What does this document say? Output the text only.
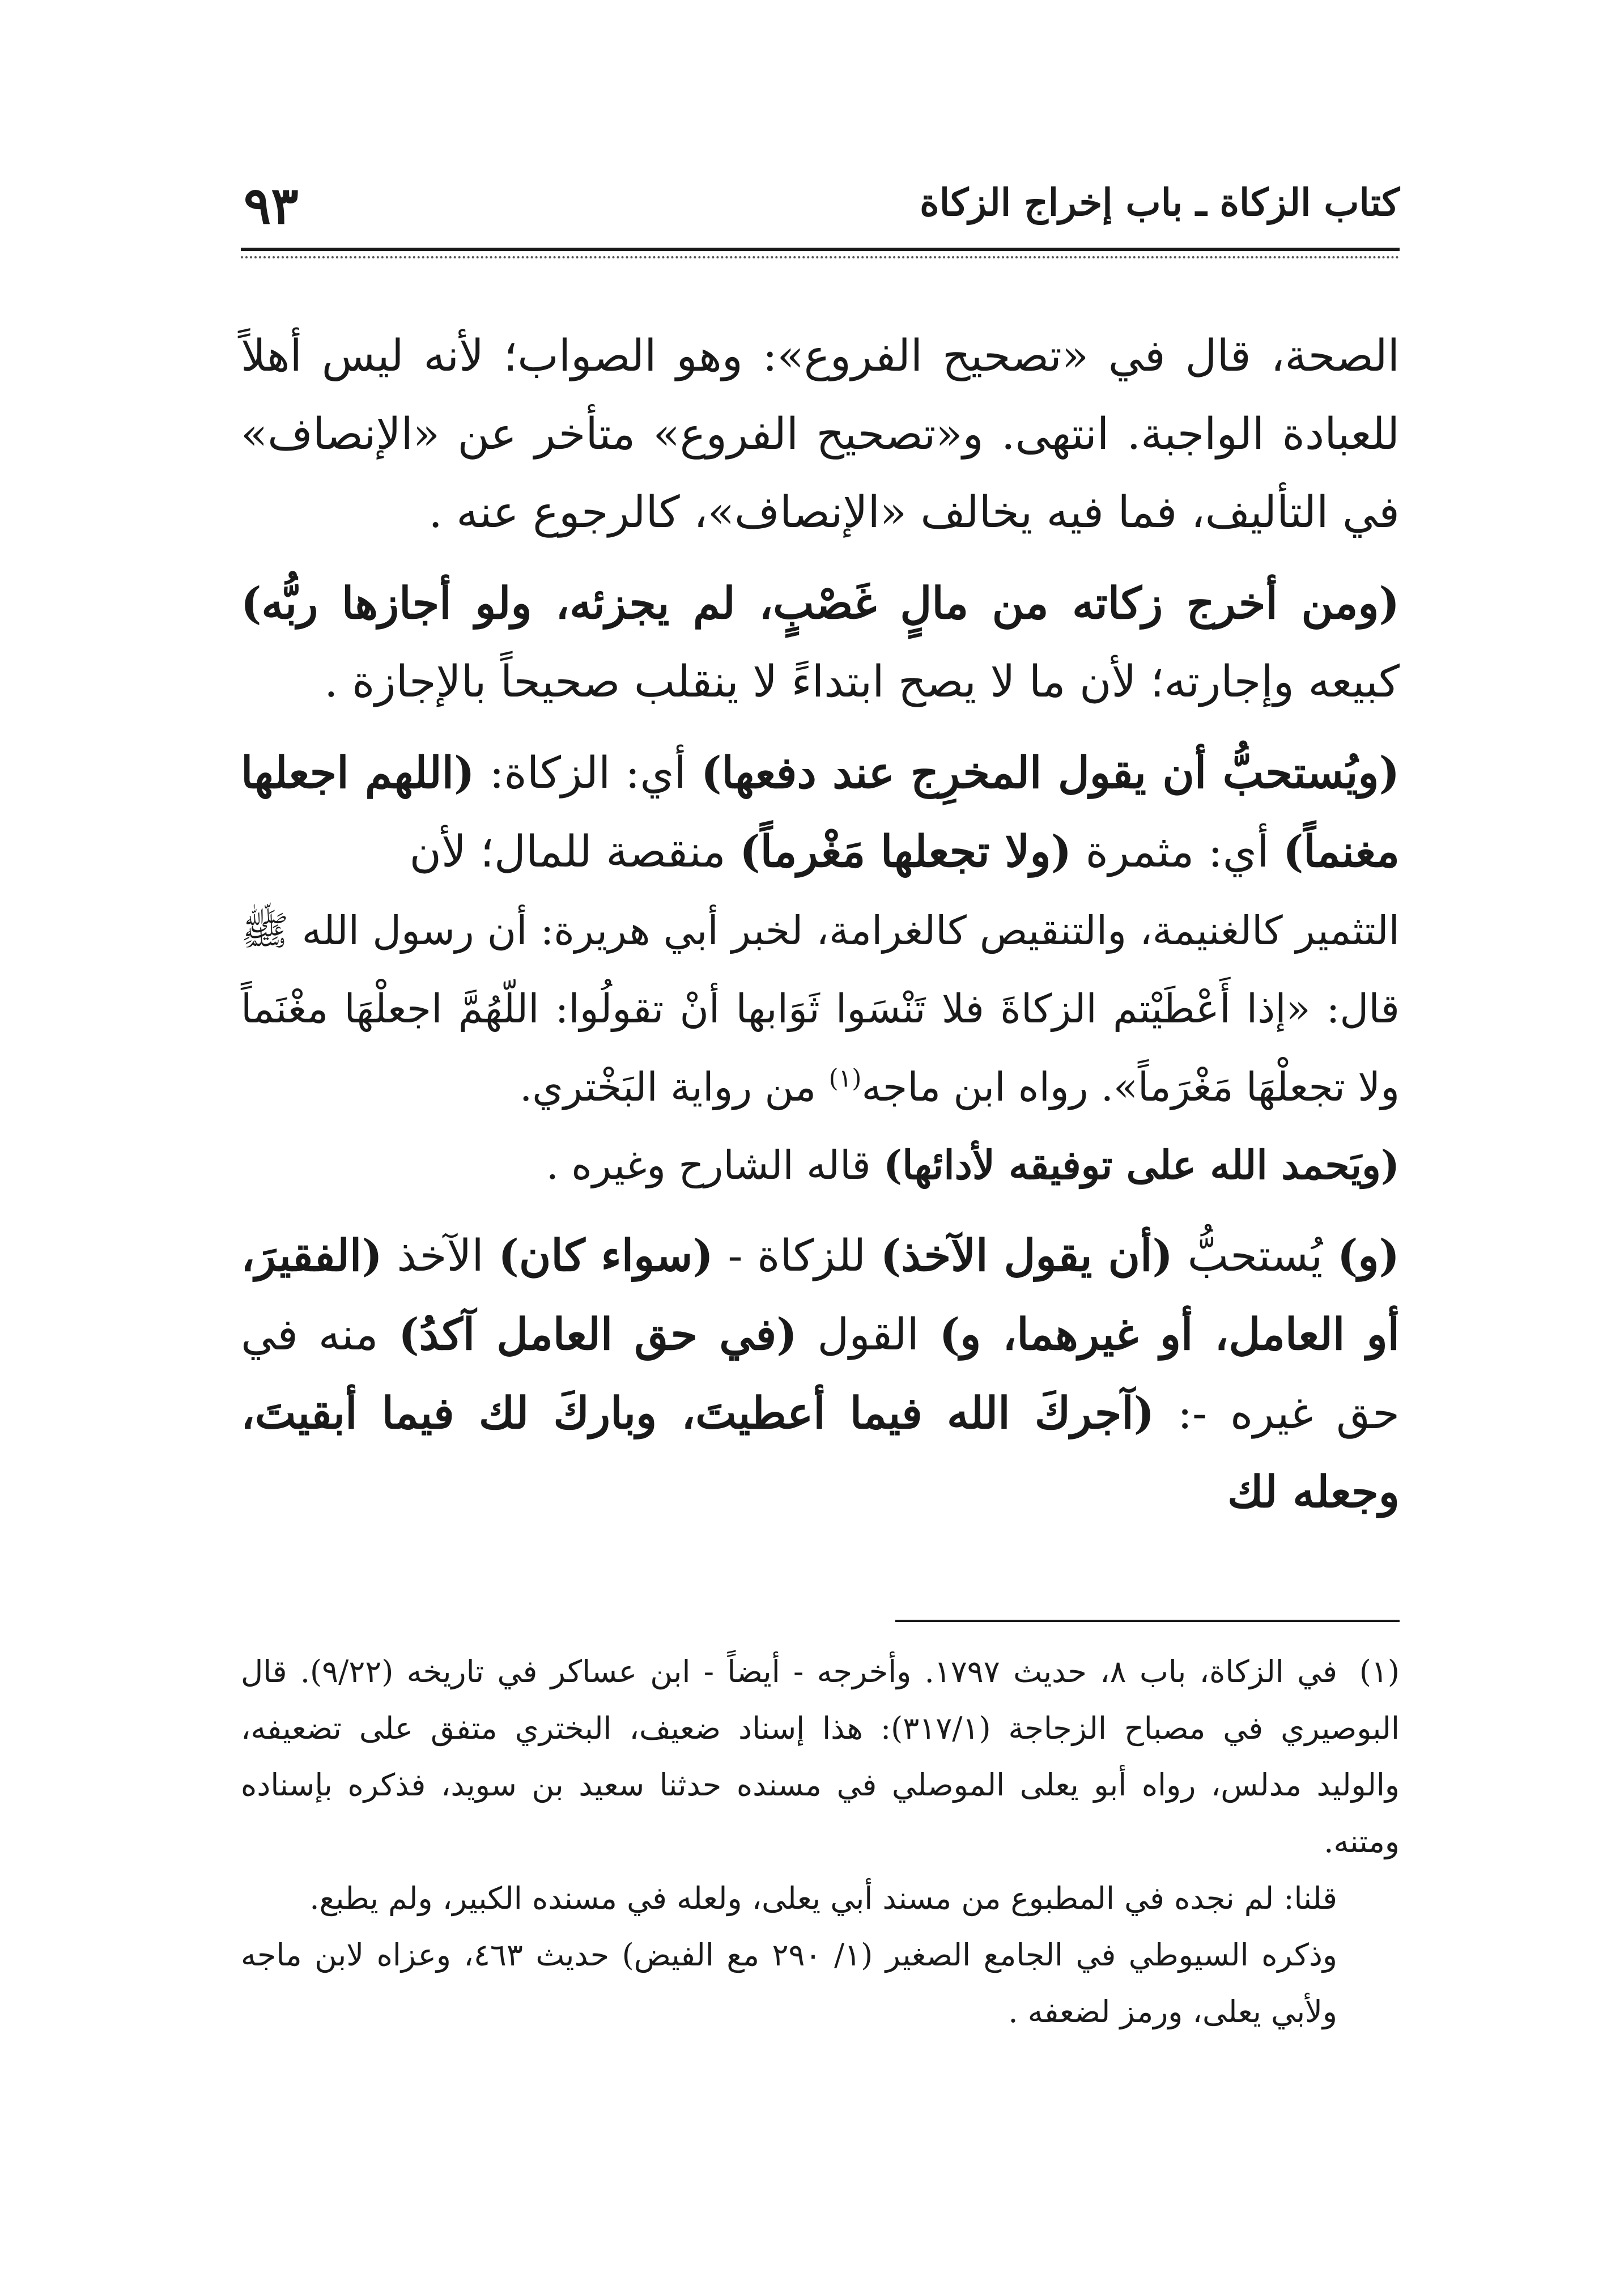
كتاب الزكاة ـ باب إخراج الزكاة
٩٣

الصحة، قال في «تصحيح الفروع»: وهو الصواب؛ لأنه ليس أهلاً للعبادة الواجبة. انتهى. و«تصحيح الفروع» متأخر عن «الإنصاف» في التأليف، فما فيه يخالف «الإنصاف»، كالرجوع عنه .

(ومن أخرج زكاته من مالٍ غَصْبٍ، لم يجزئه، ولو أجازها ربُّه) كبيعه وإجارته؛ لأن ما لا يصح ابتداءً لا ينقلب صحيحاً بالإجازة .

(ويُستحبُّ أن يقول المخرِج عند دفعها) أي: الزكاة: (اللهم اجعلها مغنماً) أي: مثمرة (ولا تجعلها مَغْرماً) منقصة للمال؛ لأن

التثمير كالغنيمة، والتنقيص كالغرامة، لخبر أبي هريرة: أن رسول الله ﷺ قال: «إذا أَعْطَيْتم الزكاةَ فلا تَنْسَوا ثَوَابها أنْ تقولُوا: اللّهُمَّ اجعلْهَا مغْنَماً ولا تجعلْهَا مَغْرَماً». رواه ابن ماجه$^{(١)}$ من رواية البَخْتري.
(ويَحمد الله على توفيقه لأدائها) قاله الشارح وغيره .

(و) يُستحبُّ (أن يقول الآخذ) للزكاة - (سواء كان) الآخذ (الفقيرَ، أو العامل، أو غيرهما، و) القول (في حق العامل آكدُ) منه في حق غيره -: (آجركَ الله فيما أعطيتَ، وباركَ لك فيما أبقيتَ، وجعله لك

(١)في الزكاة، باب ٨، حديث ١٧٩٧. وأخرجه - أيضاً - ابن عساكر في تاريخه (٩/٢٢). قال البوصيري في مصباح الزجاجة (٣١٧/١): هذا إسناد ضعيف، البختري متفق على تضعيفه، والوليد مدلس، رواه أبو يعلى الموصلي في مسنده حدثنا سعيد بن سويد، فذكره بإسناده ومتنه.

قلنا: لم نجده في المطبوع من مسند أبي يعلى، ولعله في مسنده الكبير، ولم يطبع.

وذكره السيوطي في الجامع الصغير (١/ ٢٩٠ مع الفيض) حديث ٤٦٣، وعزاه لابن ماجه ولأبي يعلى، ورمز لضعفه .
